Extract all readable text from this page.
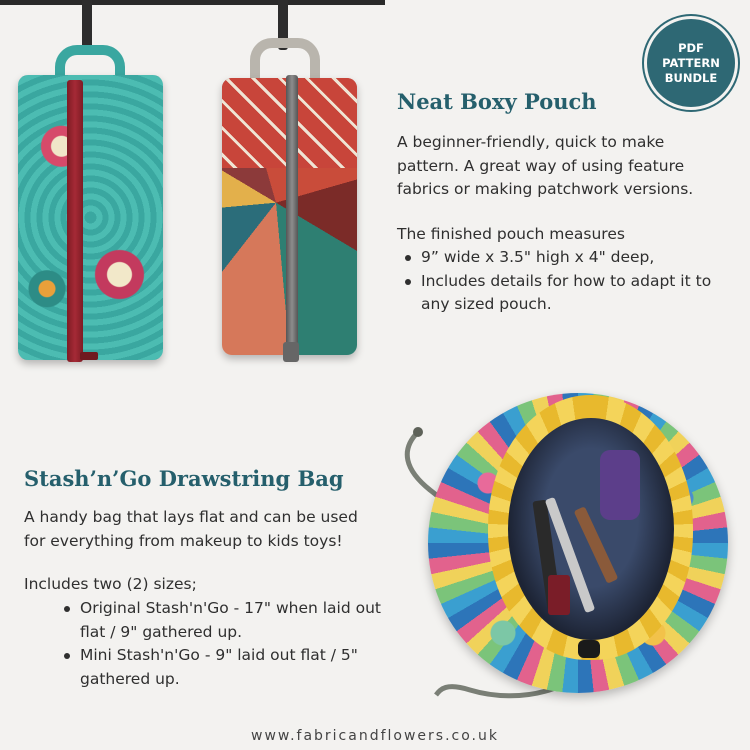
PDF
PATTERN
BUNDLE
Neat Boxy Pouch
A beginner-friendly, quick to make
pattern. A great way of using feature
fabrics or making patchwork versions.
The finished pouch measures
9” wide x 3.5" high x 4" deep,
Includes details for how to adapt it to
any sized pouch.
Stash’n’Go Drawstring Bag
A handy bag that lays flat and can be used
for everything from makeup to kids toys!
Includes two (2) sizes;
Original Stash'n'Go - 17" when laid out
flat / 9" gathered up.
Mini Stash'n'Go - 9" laid out flat / 5"
gathered up.
www.fabricandflowers.co.uk
